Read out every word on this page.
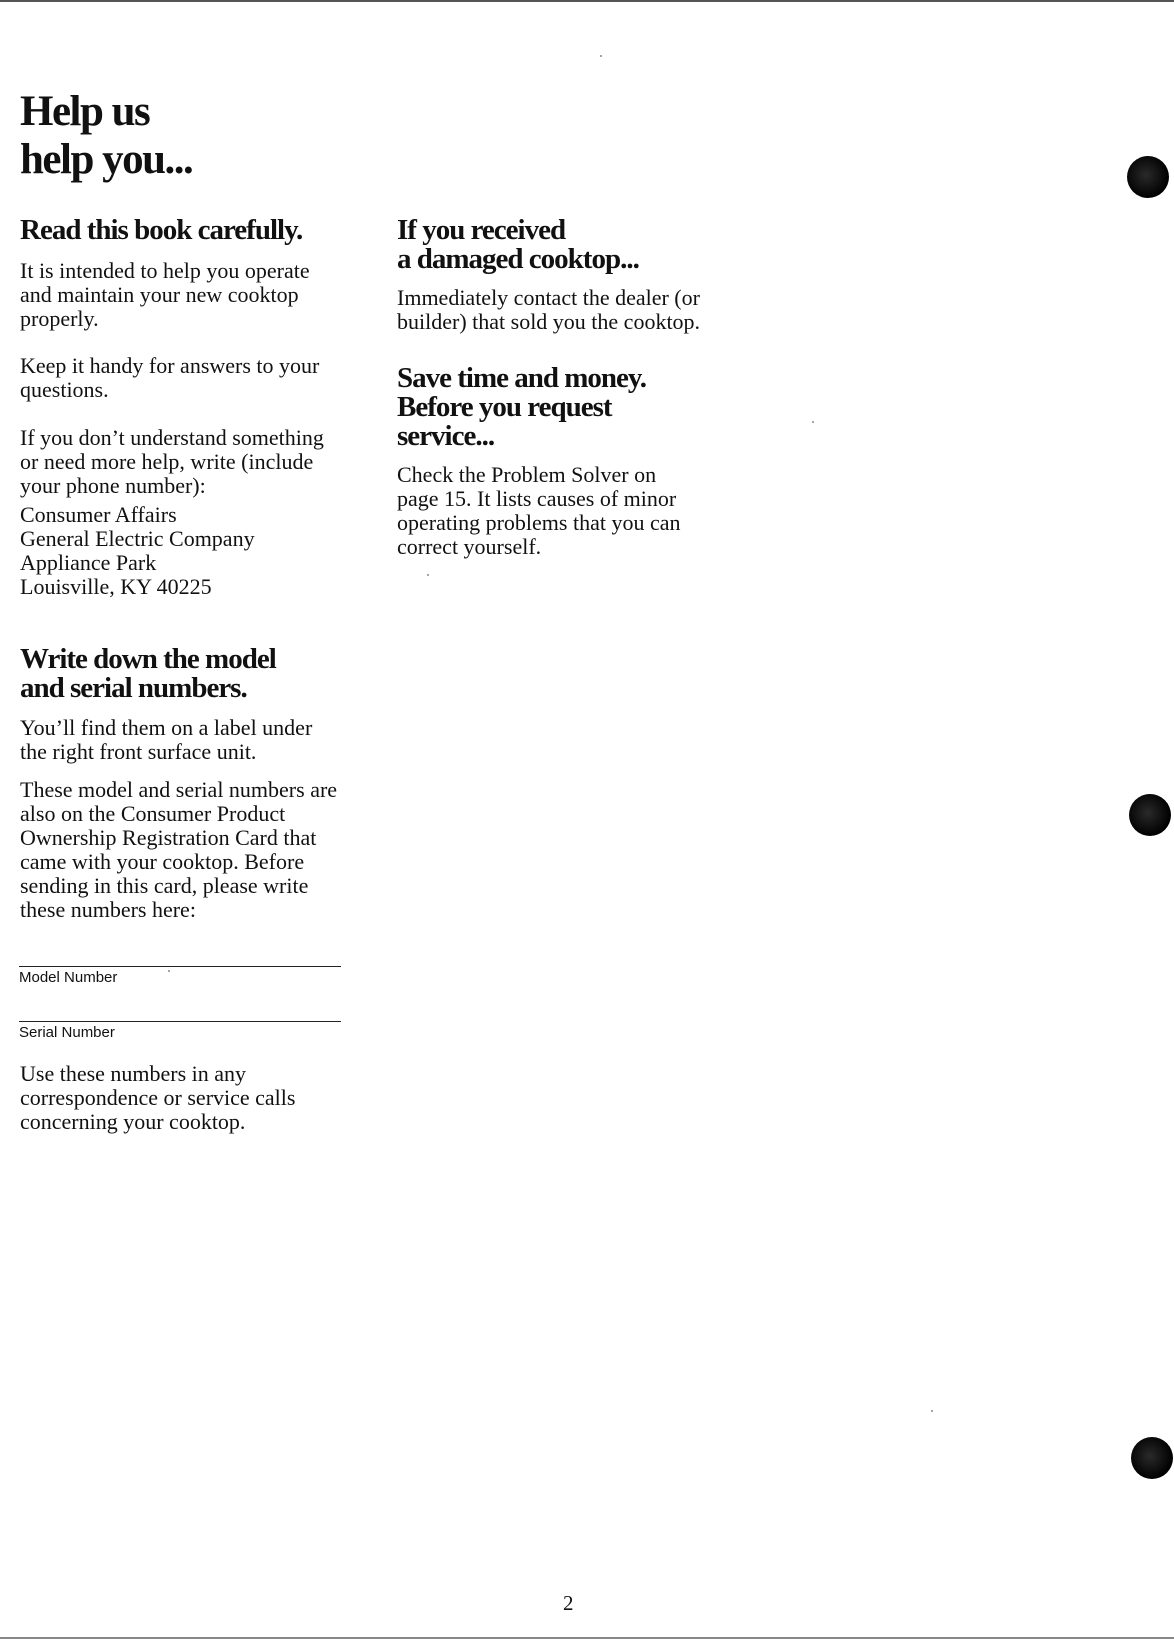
Help us
help you...
Read this book carefully.

It is intended to help you operate and maintain your new cooktop properly.

Keep it handy for answers to your questions.

If you don’t understand something or need more help, write (include your phone number):

Consumer Affairs
General Electric Company
Appliance Park
Louisville, KY 40225
Write down the model
and serial numbers.

You’ll find them on a label under the right front surface unit.

These model and serial numbers are also on the Consumer Product Ownership Registration Card that came with your cooktop. Before sending in this card, please write these numbers here:

Model Number
Serial Number

Use these numbers in any correspondence or service calls concerning your cooktop.

If you received
a damaged cooktop...

Immediately contact the dealer (or builder) that sold you the cooktop.

Save time and money.
Before you request
service...

Check the Problem Solver on page 15. It lists causes of minor operating problems that you can correct yourself.

2
